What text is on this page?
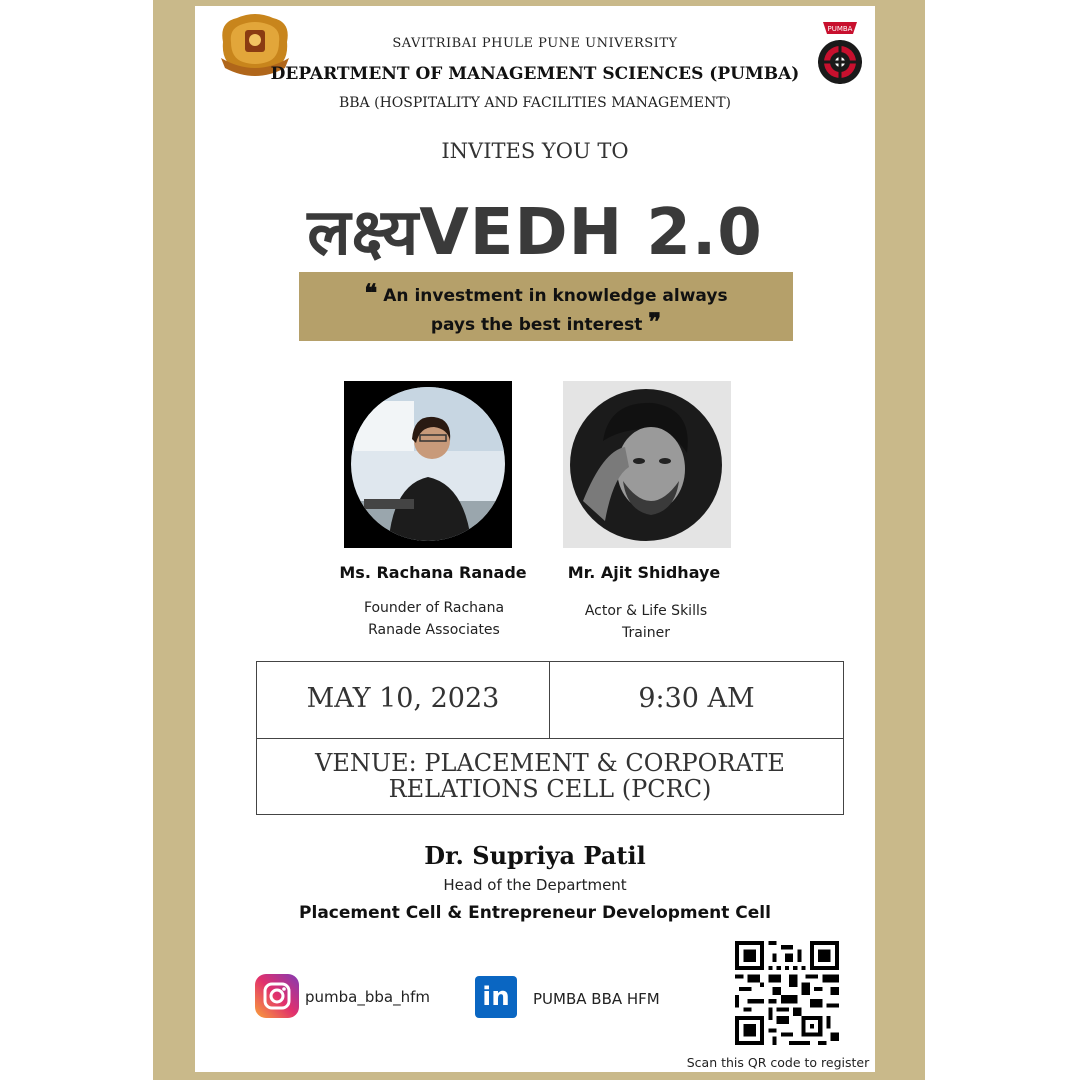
PUMBA
SAVITRIBAI PHULE PUNE UNIVERSITY
DEPARTMENT OF MANAGEMENT SCIENCES (PUMBA)
BBA (HOSPITALITY AND FACILITIES MANAGEMENT)
INVITES YOU TO
लक्ष्यVEDH 2.0
❝ An investment in knowledge always
pays the best interest ❞
Ms. Rachana Ranade	Mr. Ajit Shidhaye
Founder of Rachana
Ranade Associates
Actor & Life Skills
Trainer
MAY 10, 2023	9:30 AM
VENUE: PLACEMENT & CORPORATE
RELATIONS CELL (PCRC)
Dr. Supriya Patil
Head of the Department
Placement Cell & Entrepreneur Development Cell
pumba_bba_hfm in	PUMBA BBA HFM
Scan this QR code to register
